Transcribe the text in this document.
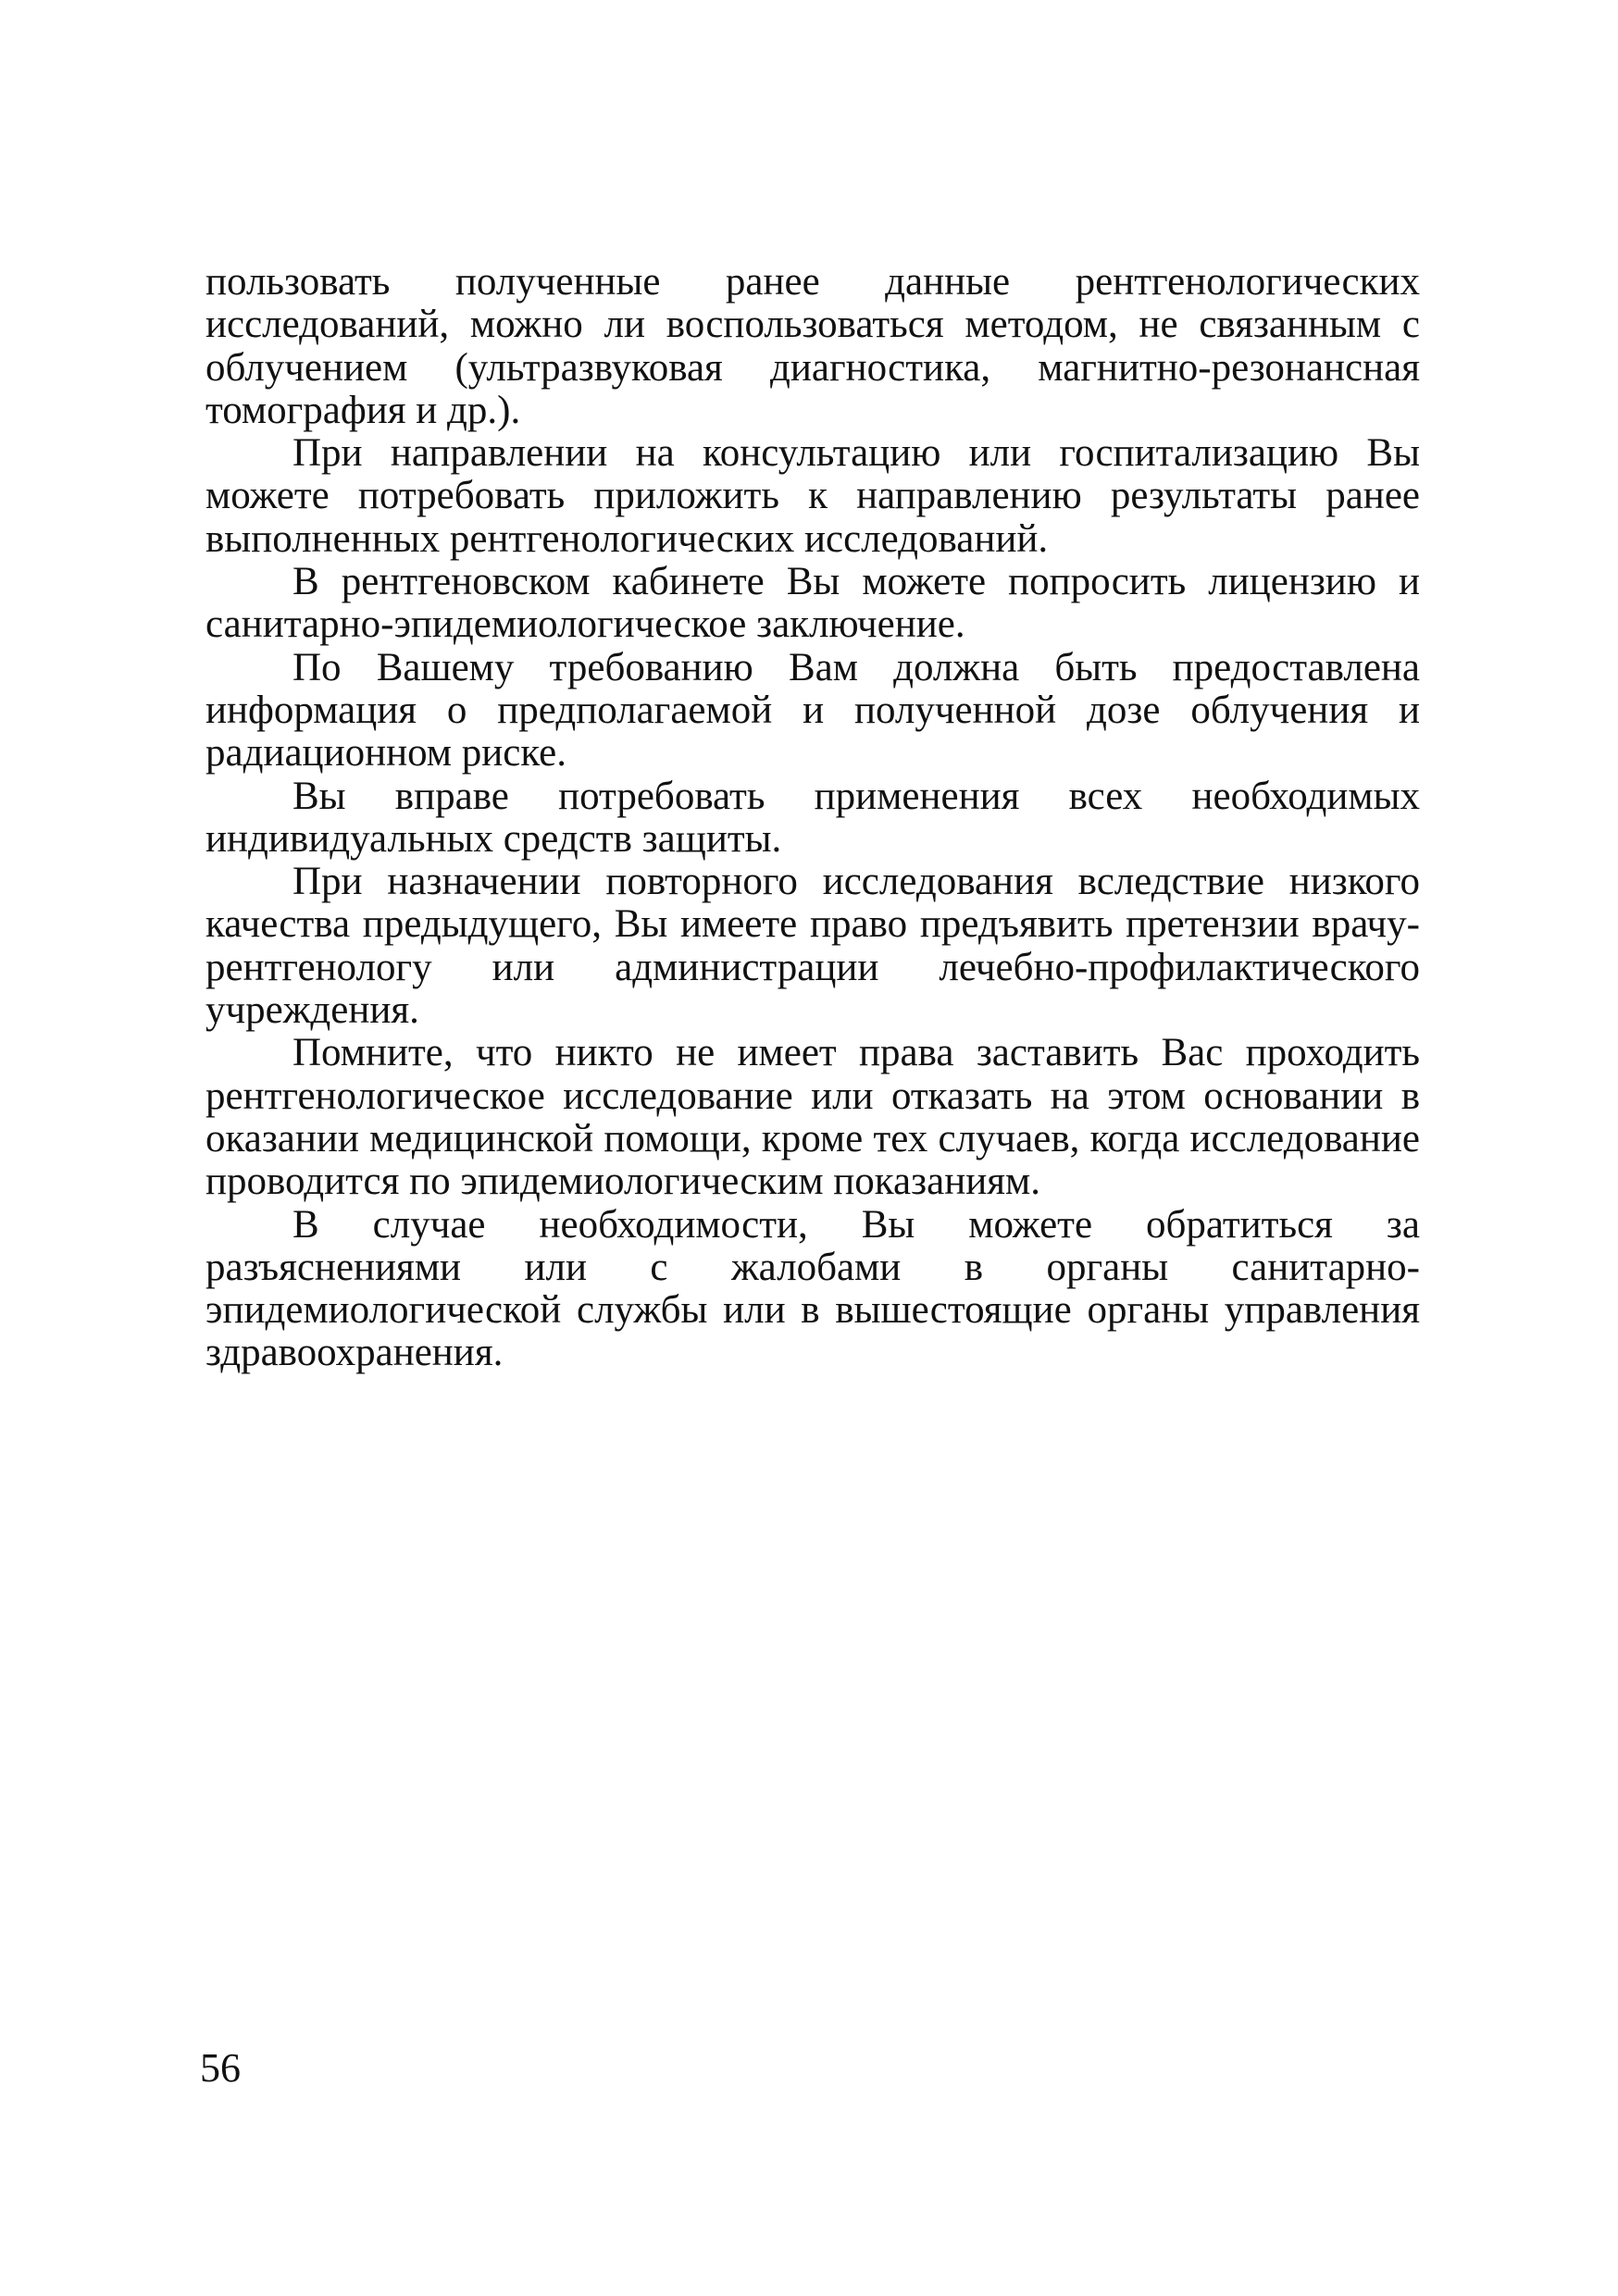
пользовать полученные ранее данные рентгенологических исследований, можно ли воспользоваться методом, не связанным с облучением (ультразвуковая диагностика, магнитно-резонансная томография и др.).

При направлении на консультацию или госпитализацию Вы можете потребовать приложить к направлению результаты ранее выполненных рентгенологических исследований.

В рентгеновском кабинете Вы можете попросить лицензию и санитарно-эпидемиологическое заключение.

По Вашему требованию Вам должна быть предоставлена информация о предполагаемой и полученной дозе облучения и радиационном риске.

Вы вправе потребовать применения всех необходимых индивидуальных средств защиты.

При назначении повторного исследования вследствие низкого качества предыдущего, Вы имеете право предъявить претензии врачу-рентгенологу или администрации лечебно-профилактического учреждения.

Помните, что никто не имеет права заставить Вас проходить рентгенологическое исследование или отказать на этом основании в оказании медицинской помощи, кроме тех случаев, когда исследование проводится по эпидемиологическим показаниям.

В случае необходимости, Вы можете обратиться за разъяснениями или с жалобами в органы санитарно-эпидемиологической службы или в вышестоящие органы управления здравоохранения.

56
